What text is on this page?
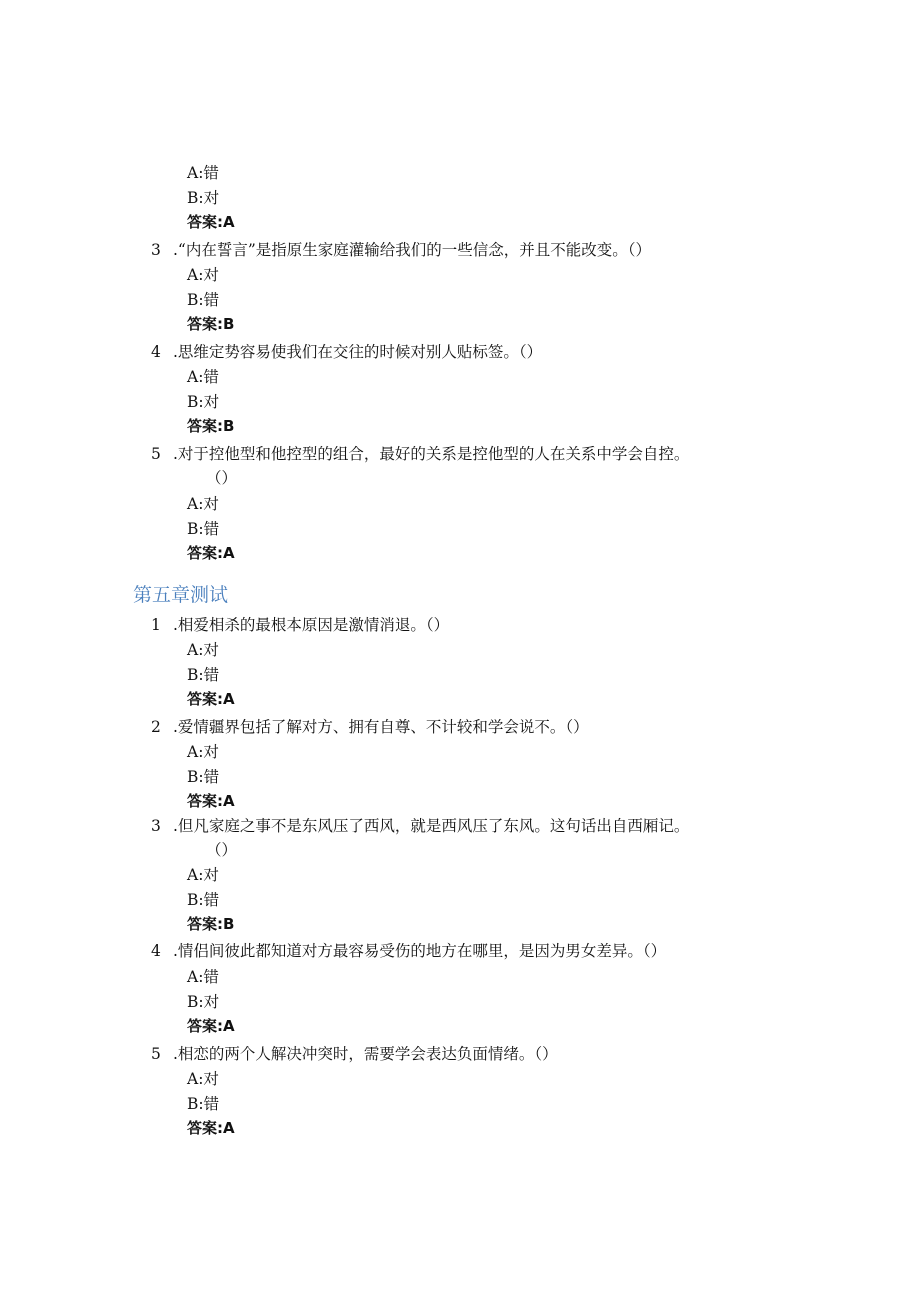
A:错
B:对
答案:A
3 .“内在誓言”是指原生家庭灌输给我们的一些信念，并且不能改变。（）
A:对
B:错
答案:B
4 .思维定势容易使我们在交往的时候对别人贴标签。（）
A:错
B:对
答案:B
5 .对于控他型和他控型的组合，最好的关系是控他型的人在关系中学会自控。
（）
A:对
B:错
答案:A
第五章测试
1 .相爱相杀的最根本原因是激情消退。（）
A:对
B:错
答案:A
2 .爱情疆界包括了解对方、拥有自尊、不计较和学会说不。（）
A:对
B:错
答案:A
3 .但凡家庭之事不是东风压了西风，就是西风压了东风。这句话出自西厢记。
（）
A:对
B:错
答案:B
4 .情侣间彼此都知道对方最容易受伤的地方在哪里，是因为男女差异。（）
A:错
B:对
答案:A
5 .相恋的两个人解决冲突时，需要学会表达负面情绪。（）
A:对
B:错
答案:A
